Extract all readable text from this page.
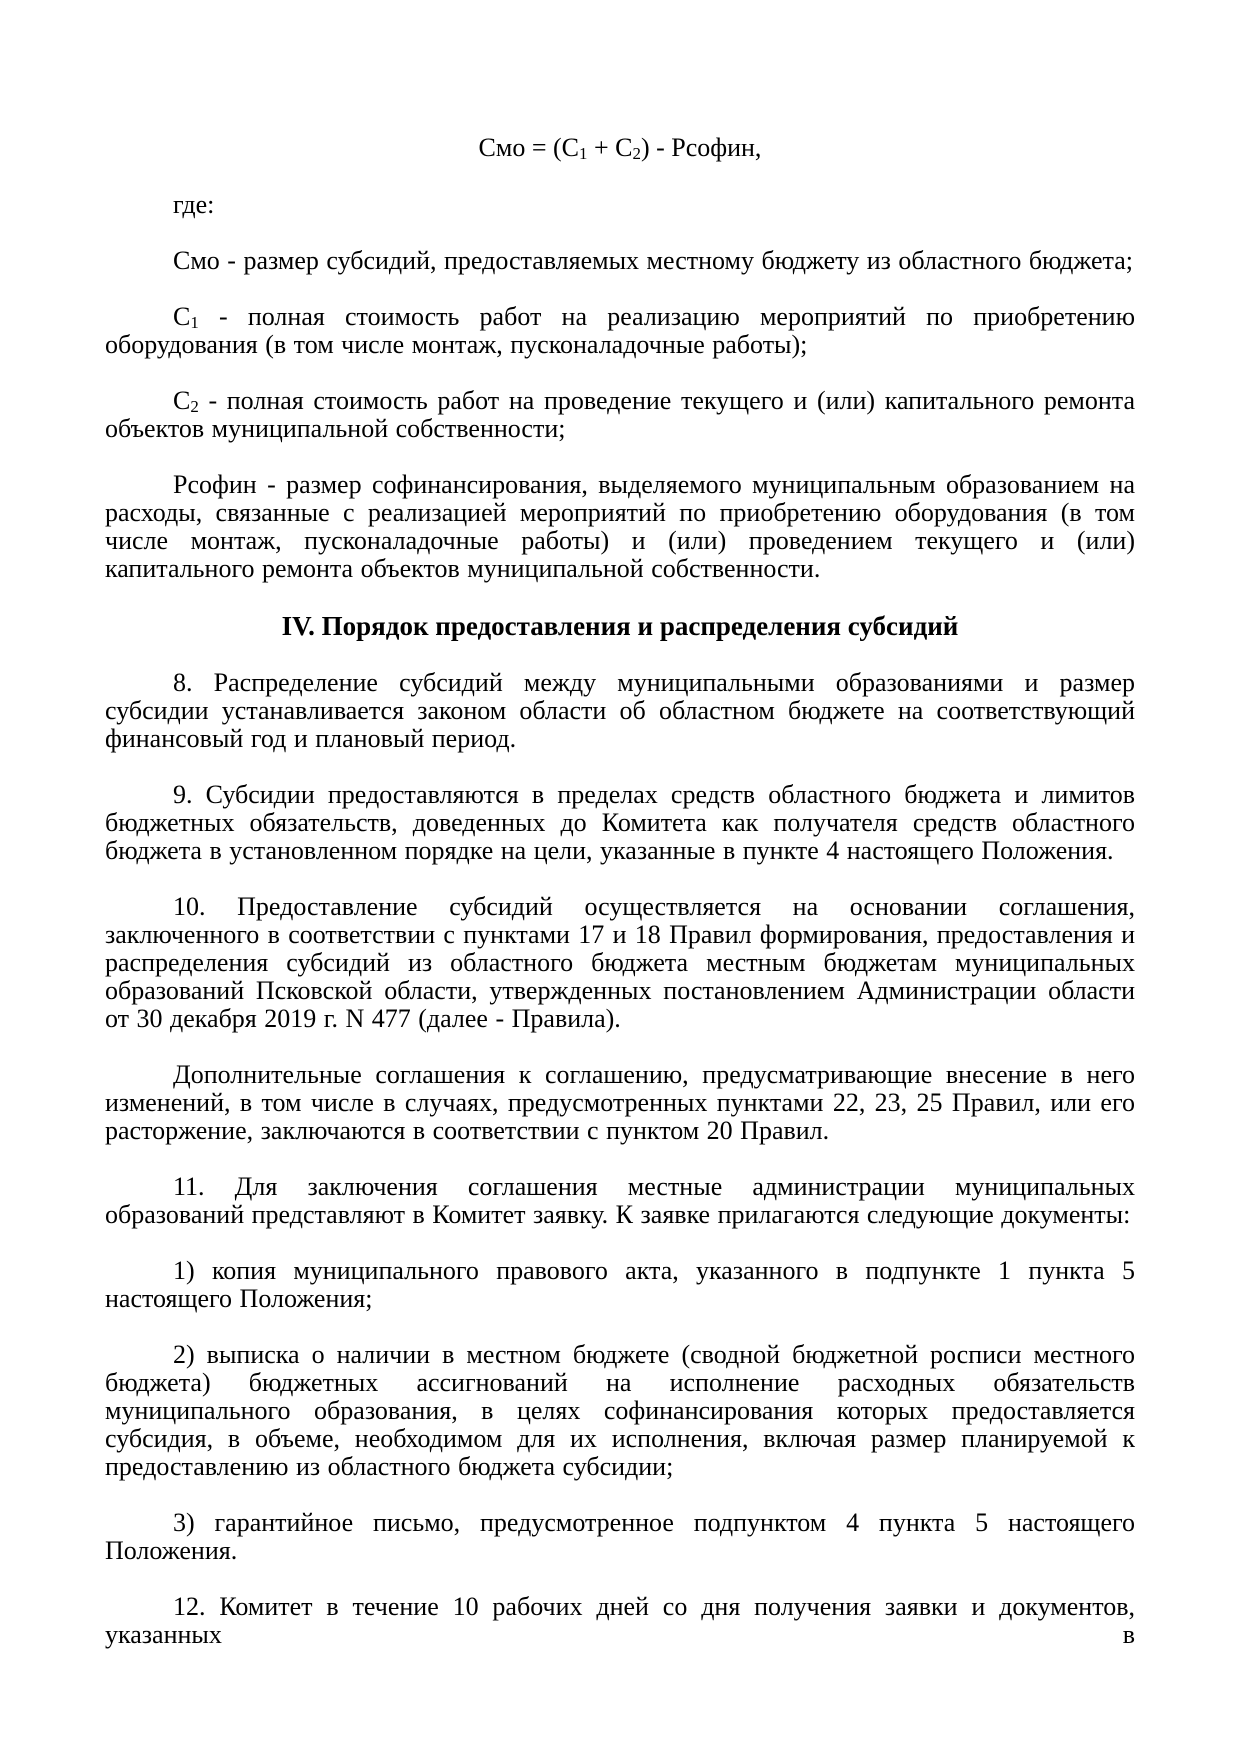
Смо = $(С_1 + С_2)$ - Рсофин,

где:

Смо - размер субсидий, предоставляемых местному бюджету из областного бюджета;

$С_1$ - полная стоимость работ на реализацию мероприятий по приобретению оборудования (в том числе монтаж, пусконаладочные работы);

$С_2$ - полная стоимость работ на проведение текущего и (или) капитального ремонта объектов муниципальной собственности;

Рсофин - размер софинансирования, выделяемого муниципальным образованием на расходы, связанные с реализацией мероприятий по приобретению оборудования (в том числе монтаж, пусконаладочные работы) и (или) проведением текущего и (или) капитального ремонта объектов муниципальной собственности.

IV. Порядок предоставления и распределения субсидий

8. Распределение субсидий между муниципальными образованиями и размер субсидии устанавливается законом области об областном бюджете на соответствующий финансовый год и плановый период.

9. Субсидии предоставляются в пределах средств областного бюджета и лимитов бюджетных обязательств, доведенных до Комитета как получателя средств областного бюджета в установленном порядке на цели, указанные в пункте 4 настоящего Положения.

10. Предоставление субсидий осуществляется на основании соглашения, заключенного в соответствии с пунктами 17 и 18 Правил формирования, предоставления и распределения субсидий из областного бюджета местным бюджетам муниципальных образований Псковской области, утвержденных постановлением Администрации области от 30 декабря 2019 г. N 477 (далее - Правила).

Дополнительные соглашения к соглашению, предусматривающие внесение в него изменений, в том числе в случаях, предусмотренных пунктами 22, 23, 25 Правил, или его расторжение, заключаются в соответствии с пунктом 20 Правил.

11. Для заключения соглашения местные администрации муниципальных образований представляют в Комитет заявку. К заявке прилагаются следующие документы:

1) копия муниципального правового акта, указанного в подпункте 1 пункта 5 настоящего Положения;

2) выписка о наличии в местном бюджете (сводной бюджетной росписи местного бюджета) бюджетных ассигнований на исполнение расходных обязательств муниципального образования, в целях софинансирования которых предоставляется субсидия, в объеме, необходимом для их исполнения, включая размер планируемой к предоставлению из областного бюджета субсидии;

3) гарантийное письмо, предусмотренное подпунктом 4 пункта 5 настоящего Положения.

12. Комитет в течение 10 рабочих дней со дня получения заявки и документов, указанных в
